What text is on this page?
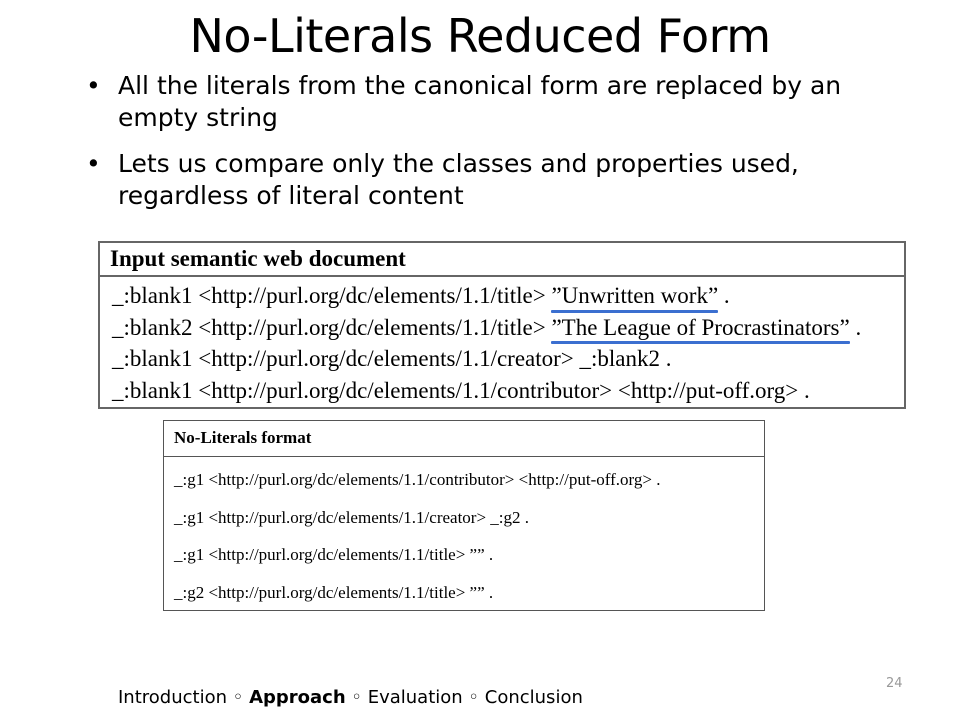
No-Literals Reduced Form
• All the literals from the canonical form are replaced by an empty string
• Lets us compare only the classes and properties used, regardless of literal content
Input semantic web document
_:blank1 <http://purl.org/dc/elements/1.1/title> ”Unwritten work” .
_:blank2 <http://purl.org/dc/elements/1.1/title> ”The League of Procrastinators” .
_:blank1 <http://purl.org/dc/elements/1.1/creator> _:blank2 .
_:blank1 <http://purl.org/dc/elements/1.1/contributor> <http://put-off.org> .
No-Literals format
_:g1 <http://purl.org/dc/elements/1.1/contributor> <http://put-off.org> .
_:g1 <http://purl.org/dc/elements/1.1/creator> _:g2 .
_:g1 <http://purl.org/dc/elements/1.1/title> ”” .
_:g2 <http://purl.org/dc/elements/1.1/title> ”” .
Introduction ◦ Approach ◦ Evaluation ◦ Conclusion
24
